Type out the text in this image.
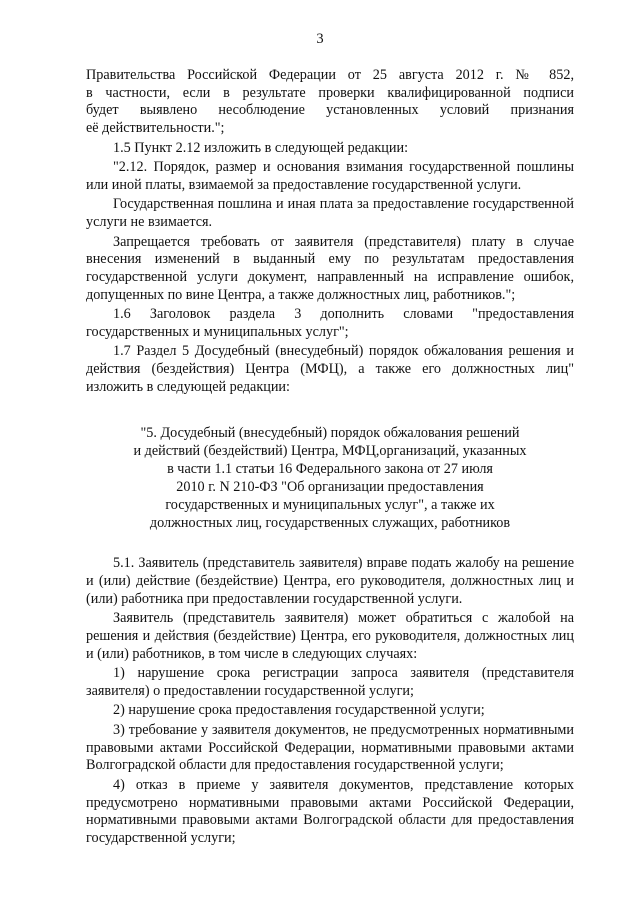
3
Правительства Российской Федерации от 25 августа 2012 г. № 852,
в частности, если в результате проверки квалифицированной подписи
будет выявлено несоблюдение установленных условий признания
её действительности.";

1.5 Пункт 2.12 изложить в следующей редакции:

"2.12. Порядок, размер и основания взимания государственной пошлины или иной платы, взимаемой за предоставление государственной услуги.

Государственная пошлина и иная плата за предоставление государственной услуги не взимается.

Запрещается требовать от заявителя (представителя) плату в случае внесения изменений в выданный ему по результатам предоставления государственной услуги документ, направленный на исправление ошибок, допущенных по вине Центра, а также должностных лиц, работников.";

1.6 Заголовок раздела 3 дополнить словами "предоставления государственных и муниципальных услуг";

1.7 Раздел 5 Досудебный (внесудебный) порядок обжалования решения и действия (бездействия) Центра (МФЦ), а также его должностных лиц" изложить в следующей редакции:

"5. Досудебный (внесудебный) порядок обжалования решений
и действий (бездействий) Центра, МФЦ,организаций, указанных
в части 1.1 статьи 16 Федерального закона от 27 июля
2010 г. N 210-ФЗ "Об организации предоставления
государственных и муниципальных услуг", а также их
должностных лиц, государственных служащих, работников

5.1. Заявитель (представитель заявителя) вправе подать жалобу на решение и (или) действие (бездействие) Центра, его руководителя, должностных лиц и (или) работника при предоставлении государственной услуги.

Заявитель (представитель заявителя) может обратиться с жалобой на решения и действия (бездействие) Центра, его руководителя, должностных лиц и (или) работников, в том числе в следующих случаях:

1) нарушение срока регистрации запроса заявителя (представителя заявителя) о предоставлении государственной услуги;

2) нарушение срока предоставления государственной услуги;

3) требование у заявителя документов, не предусмотренных нормативными правовыми актами Российской Федерации, нормативными правовыми актами Волгоградской области для предоставления государственной услуги;

4) отказ в приеме у заявителя документов, представление которых предусмотрено нормативными правовыми актами Российской Федерации, нормативными правовыми актами Волгоградской области для предоставления государственной услуги;
